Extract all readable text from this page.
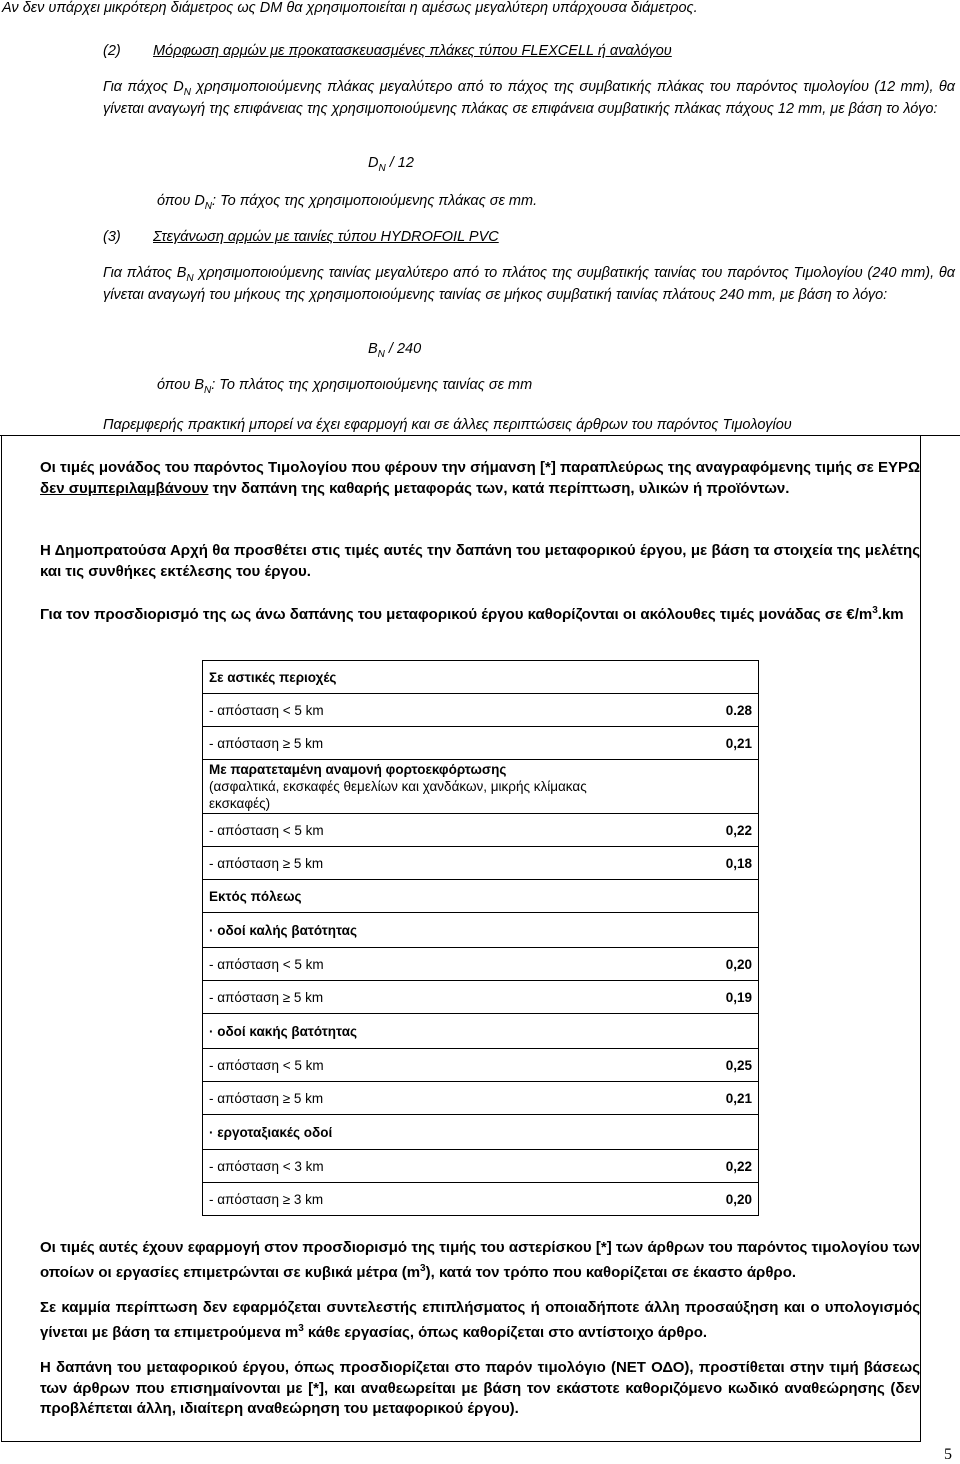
Αν δεν υπάρχει μικρότερη διάμετρος ως DM θα χρησιμοποιείται η αμέσως μεγαλύτερη υπάρχουσα διάμετρος.
(2) Μόρφωση αρμών με προκατασκευασμένες πλάκες τύπου FLEXCELL ή αναλόγου
Για πάχος $D_N$ χρησιμοποιούμενης πλάκας μεγαλύτερο από το πάχος της συμβατικής πλάκας του παρόντος τιμολογίου (12 mm), θα γίνεται αναγωγή της επιφάνειας της χρησιμοποιούμενης πλάκας σε επιφάνεια συμβατικής πλάκας πάχους 12 mm, με βάση το λόγο:
$D_N / 12$
όπου $D_N$: Το πάχος της χρησιμοποιούμενης πλάκας σε mm.
(3) Στεγάνωση αρμών με ταινίες τύπου HYDROFOIL PVC
Για πλάτος $B_N$ χρησιμοποιούμενης ταινίας μεγαλύτερο από το πλάτος της συμβατικής ταινίας του παρόντος Τιμολογίου (240 mm), θα γίνεται αναγωγή του μήκους της χρησιμοποιούμενης ταινίας σε μήκος συμβατική ταινίας πλάτους 240 mm, με βάση το λόγο:
$B_N / 240$
όπου $B_N$: Το πλάτος της χρησιμοποιούμενης ταινίας σε mm
Παρεμφερής πρακτική μπορεί να έχει εφαρμογή και σε άλλες περιπτώσεις άρθρων του παρόντος Τιμολογίου
Οι τιμές μονάδος του παρόντος Τιμολογίου που φέρουν την σήμανση [*] παραπλεύρως της αναγραφόμενης τιμής σε ΕΥΡΩ δεν συμπεριλαμβάνουν την δαπάνη της καθαρής μεταφοράς των, κατά περίπτωση, υλικών ή προϊόντων.
Η Δημοπρατούσα Αρχή θα προσθέτει στις τιμές αυτές την δαπάνη του μεταφορικού έργου, με βάση τα στοιχεία της μελέτης και τις συνθήκες εκτέλεσης του έργου.
Για τον προσδιορισμό της ως άνω δαπάνης του μεταφορικού έργου καθορίζονται οι ακόλουθες τιμές μονάδας σε $€/m^3.km$
Σε αστικές περιοχές	
- απόσταση < 5 km	0.28
- απόσταση ≥ 5 km	0,21
Με παρατεταμένη αναμονή φορτοεκφόρτωσης
(ασφαλτικά, εκσκαφές θεμελίων και χανδάκων, μικρής κλίμακας εκσκαφές)	
- απόσταση < 5 km	0,22
- απόσταση ≥ 5 km	0,18
Εκτός πόλεως	
· οδοί καλής βατότητας	
- απόσταση < 5 km	0,20
- απόσταση ≥ 5 km	0,19
· οδοί κακής βατότητας	
- απόσταση < 5 km	0,25
- απόσταση ≥ 5 km	0,21
· εργοταξιακές οδοί	
- απόσταση < 3 km	0,22
- απόσταση ≥ 3 km	0,20
Οι τιμές αυτές έχουν εφαρμογή στον προσδιορισμό της τιμής του αστερίσκου [*] των άρθρων του παρόντος τιμολογίου των οποίων οι εργασίες επιμετρώνται σε κυβικά μέτρα $(m^3)$, κατά τον τρόπο που καθορίζεται σε έκαστο άρθρο.
Σε καμμία περίπτωση δεν εφαρμόζεται συντελεστής επιπλήσματος ή οποιαδήποτε άλλη προσαύξηση και ο υπολογισμός γίνεται με βάση τα επιμετρούμενα $m^3$ κάθε εργασίας, όπως καθορίζεται στο αντίστοιχο άρθρο.
Η δαπάνη του μεταφορικού έργου, όπως προσδιορίζεται στο παρόν τιμολόγιο (ΝΕΤ ΟΔΟ), προστίθεται στην τιμή βάσεως των άρθρων που επισημαίνονται με [*], και αναθεωρείται με βάση τον εκάστοτε καθοριζόμενο κωδικό αναθεώρησης (δεν προβλέπεται άλλη, ιδιαίτερη αναθεώρηση του μεταφορικού έργου).
5
